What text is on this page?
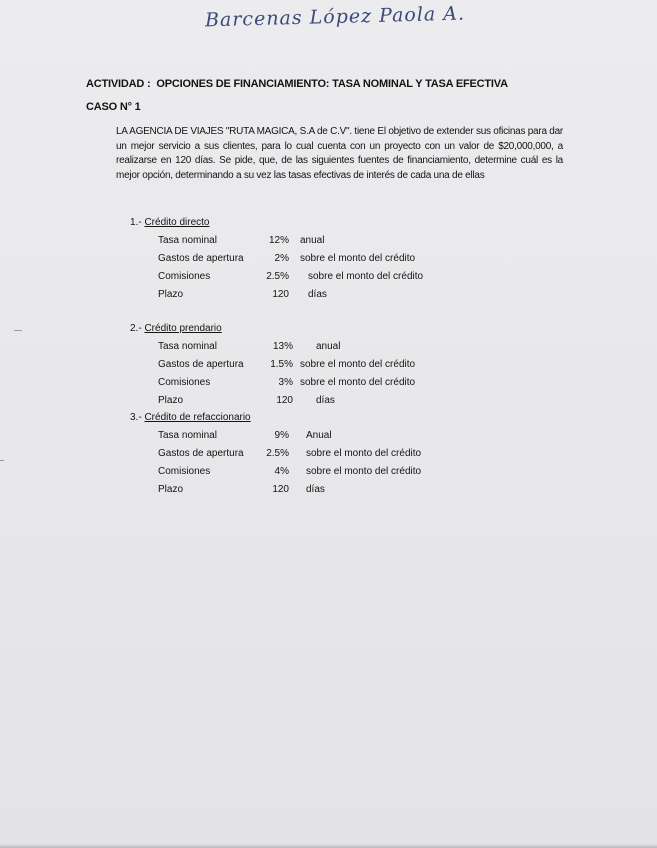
Barcenas López Paola A.
ACTIVIDAD : OPCIONES DE FINANCIAMIENTO: TASA NOMINAL Y TASA EFECTIVA
CASO N° 1
LA AGENCIA DE VIAJES "RUTA MAGICA, S.A de C.V". tiene El objetivo de extender sus oficinas para dar un mejor servicio a sus clientes, para lo cual cuenta con un proyecto con un valor de $20,000,000, a realizarse en 120 días. Se pide, que, de las siguientes fuentes de financiamiento, determine cuál es la mejor opción, determinando a su vez las tasas efectivas de interés de cada una de ellas
1.- Crédito directo
Tasa nominal	12% anual
Gastos de apertura	2% sobre el monto del crédito
Comisiones	2.5% sobre el monto del crédito
Plazo	120 días
2.- Crédito prendario
Tasa nominal	13% anual
Gastos de apertura	1.5% sobre el monto del crédito
Comisiones	3% sobre el monto del crédito
Plazo	120 días
3.- Crédito de refaccionario
Tasa nominal	9% Anual
Gastos de apertura	2.5% sobre el monto del crédito
Comisiones	4% sobre el monto del crédito
Plazo	120 días
